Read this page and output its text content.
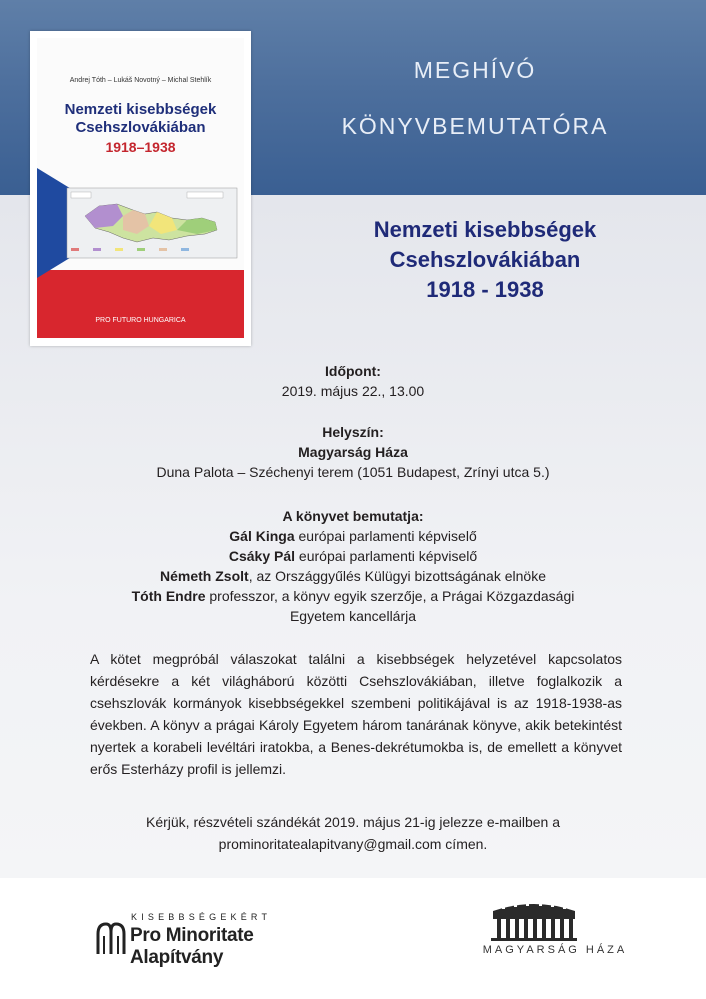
MEGHÍVÓ
KÖNYVBEMUTATÓRA
Andrej Tóth – Lukáš Novotný – Michal Stehlík
Nemzeti kisebbségek
Csehszlovákiában
1918–1938
PRO FUTURO HUNGARICA
Nemzeti kisebbségek
Csehszlovákiában
1918 - 1938
Időpont:
2019. május 22., 13.00
Helyszín:
Magyarság Háza
Duna Palota – Széchenyi terem (1051 Budapest, Zrínyi utca 5.)
A könyvet bemutatja:
Gál Kinga európai parlamenti képviselő
Csáky Pál európai parlamenti képviselő
Németh Zsolt, az Országgyűlés Külügyi bizottságának elnöke
Tóth Endre professzor, a könyv egyik szerzője, a Prágai Közgazdasági
Egyetem kancellárja
A kötet megpróbál válaszokat találni a kisebbségek helyzetével kapcsolatos kérdésekre a két világháború közötti Csehszlovákiában, illetve foglalkozik a csehszlovák kormányok kisebbségekkel szembeni politikájával is az 1918-1938-as években. A könyv a prágai Károly Egyetem három tanárának könyve, akik betekintést nyertek a korabeli levéltári iratokba, a Benes-dekrétumokba is, de emellett a könyvet erős Esterházy profil is jellemzi.
Kérjük, részvételi szándékát 2019. május 21-ig jelezze e-mailben a
prominoritatealapitvany@gmail.com címen.
KISEBBSÉGEKÉRT
Pro Minoritate Alapítvány	MAGYARSÁG HÁZA
